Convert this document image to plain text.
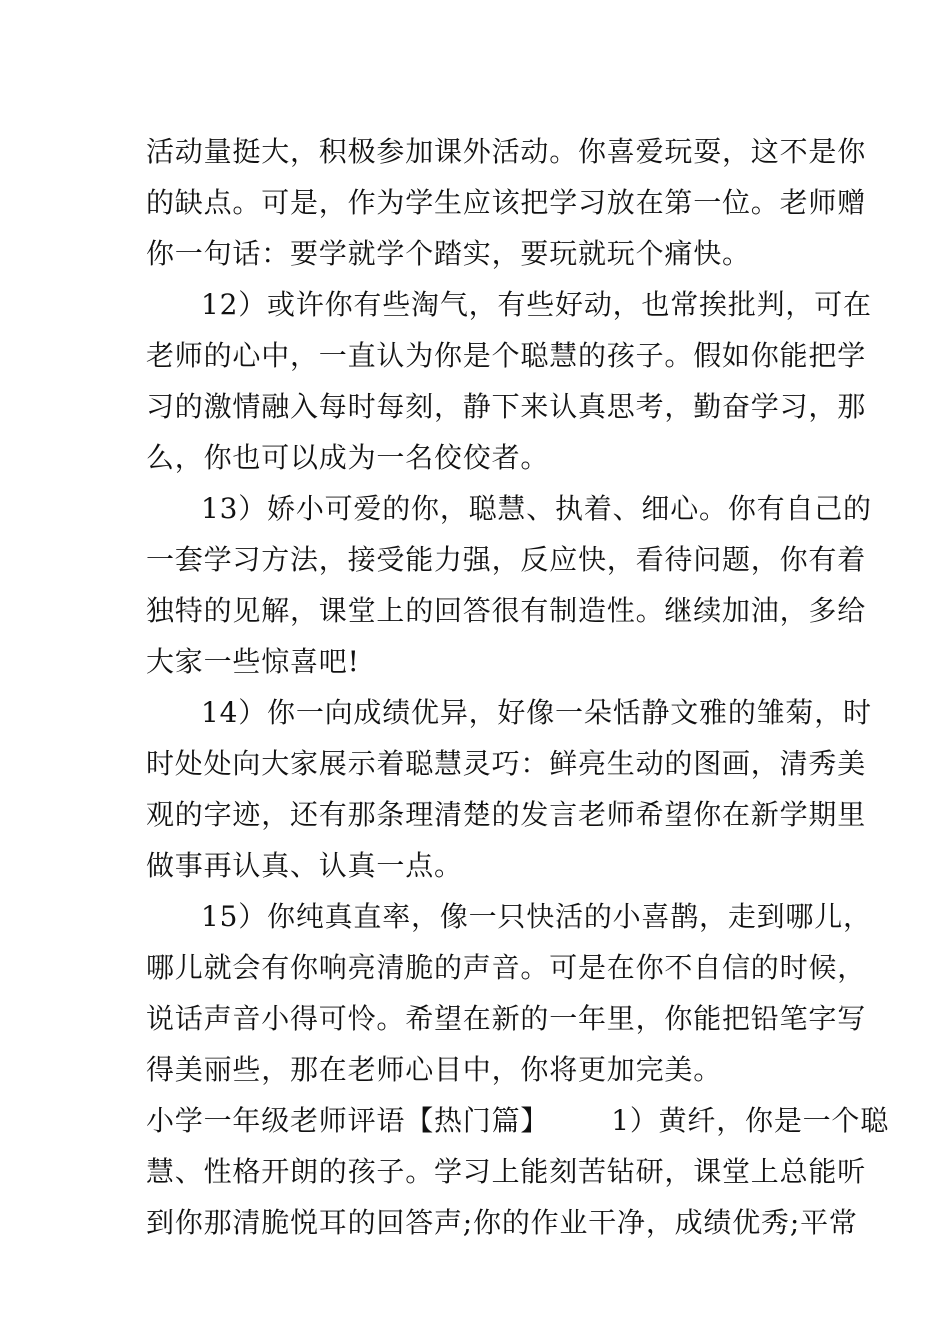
活动量挺大，积极参加课外活动。你喜爱玩耍，这不是你
的缺点。可是，作为学生应该把学习放在第一位。老师赠
你一句话：要学就学个踏实，要玩就玩个痛快。
12）或许你有些淘气，有些好动，也常挨批判，可在
老师的心中，一直认为你是个聪慧的孩子。假如你能把学
习的激情融入每时每刻，静下来认真思考，勤奋学习，那
么，你也可以成为一名佼佼者。
13）娇小可爱的你，聪慧、执着、细心。你有自己的
一套学习方法，接受能力强，反应快，看待问题，你有着
独特的见解，课堂上的回答很有制造性。继续加油，多给
大家一些惊喜吧!
14）你一向成绩优异，好像一朵恬静文雅的雏菊，时
时处处向大家展示着聪慧灵巧：鲜亮生动的图画，清秀美
观的字迹，还有那条理清楚的发言老师希望你在新学期里
做事再认真、认真一点。
15）你纯真直率，像一只快活的小喜鹊，走到哪儿，
哪儿就会有你响亮清脆的声音。可是在你不自信的时候，
说话声音小得可怜。希望在新的一年里，你能把铅笔字写
得美丽些，那在老师心目中，你将更加完美。
小学一年级老师评语【热门篇】 1）黄纤，你是一个聪
慧、性格开朗的孩子。学习上能刻苦钻研，课堂上总能听
到你那清脆悦耳的回答声;你的作业干净，成绩优秀;平常
